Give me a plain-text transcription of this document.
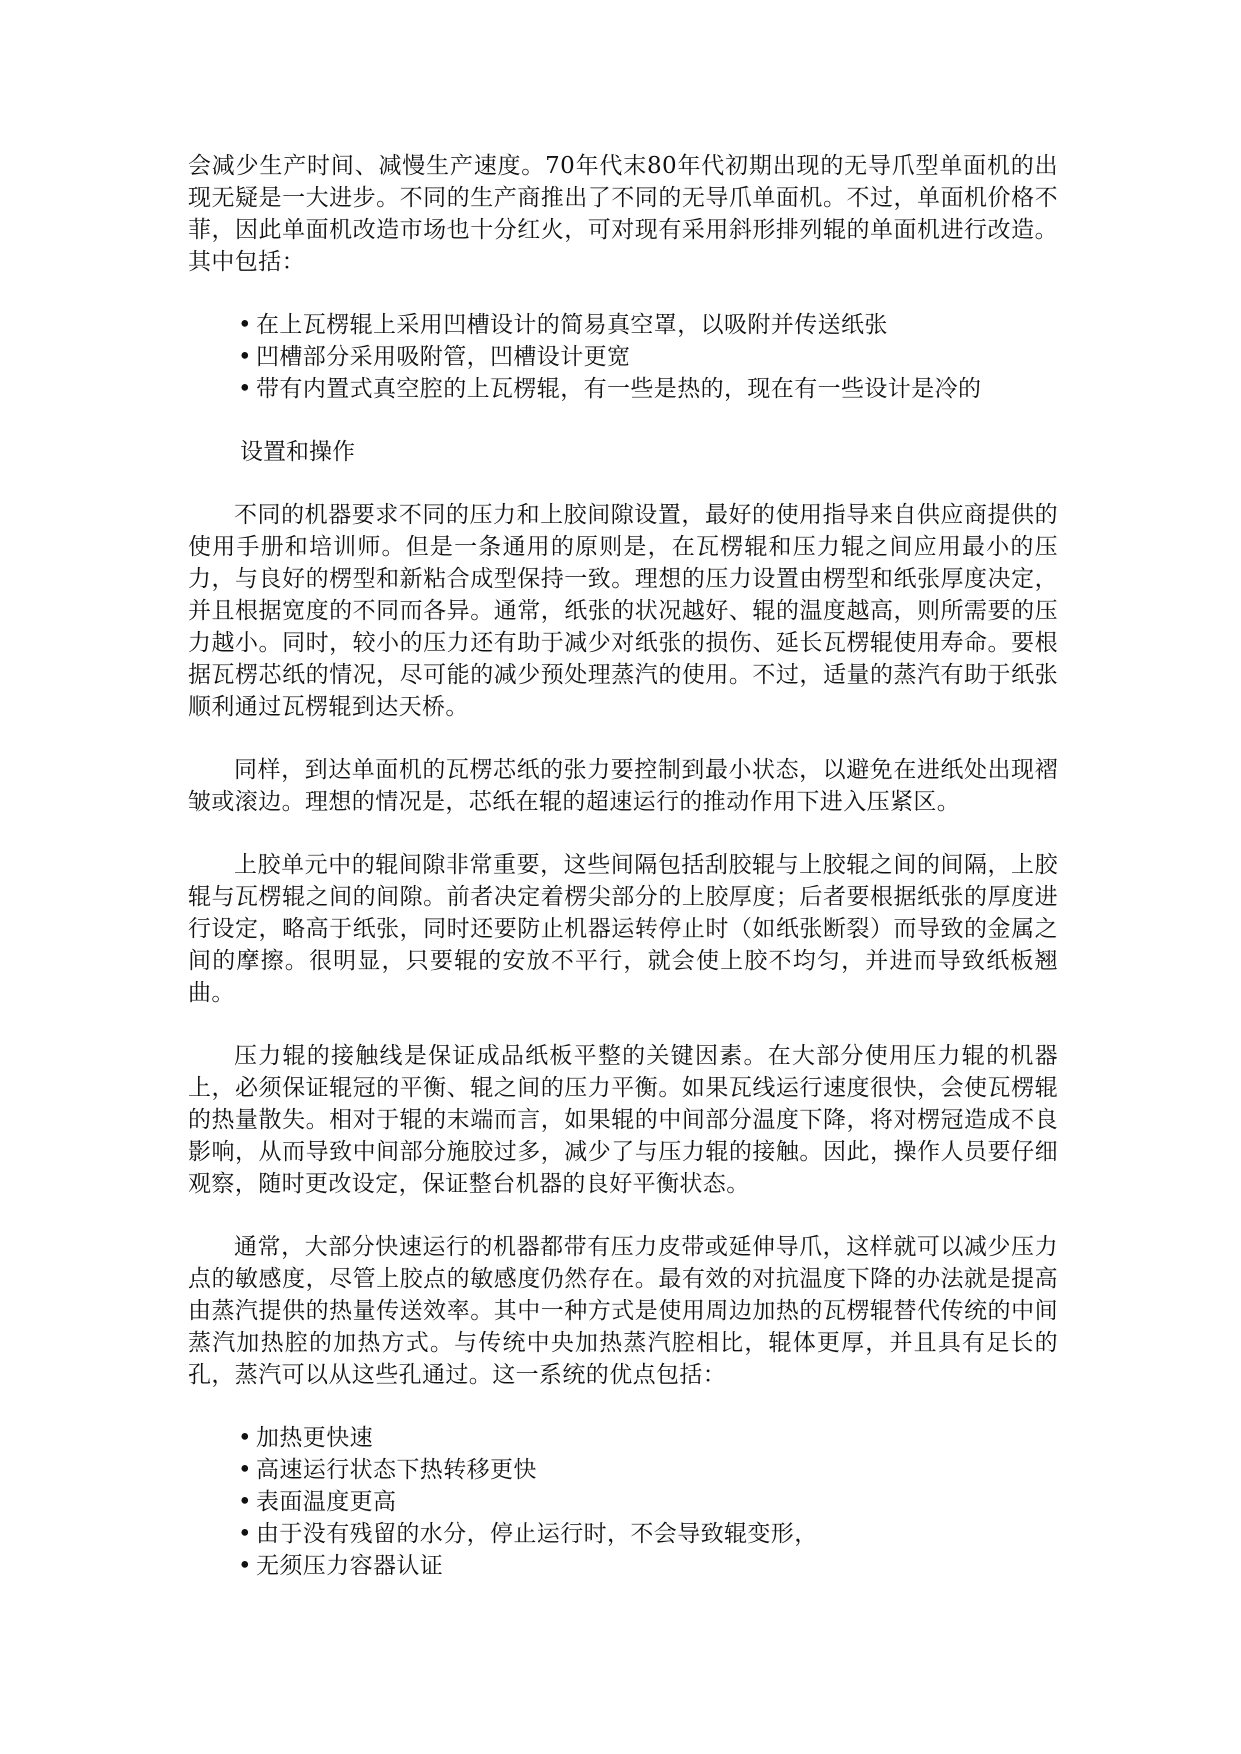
会减少生产时间、减慢生产速度。70年代末80年代初期出现的无导爪型单面机的出现无疑是一大进步。不同的生产商推出了不同的无导爪单面机。不过，单面机价格不菲，因此单面机改造市场也十分红火，可对现有采用斜形排列辊的单面机进行改造。其中包括：

• 在上瓦楞辊上采用凹槽设计的简易真空罩，以吸附并传送纸张
• 凹槽部分采用吸附管，凹槽设计更宽
• 带有内置式真空腔的上瓦楞辊，有一些是热的，现在有一些设计是冷的

设置和操作

不同的机器要求不同的压力和上胶间隙设置，最好的使用指导来自供应商提供的使用手册和培训师。但是一条通用的原则是，在瓦楞辊和压力辊之间应用最小的压力，与良好的楞型和新粘合成型保持一致。理想的压力设置由楞型和纸张厚度决定，并且根据宽度的不同而各异。通常，纸张的状况越好、辊的温度越高，则所需要的压力越小。同时，较小的压力还有助于减少对纸张的损伤、延长瓦楞辊使用寿命。要根据瓦楞芯纸的情况，尽可能的减少预处理蒸汽的使用。不过，适量的蒸汽有助于纸张顺利通过瓦楞辊到达天桥。

同样，到达单面机的瓦楞芯纸的张力要控制到最小状态，以避免在进纸处出现褶皱或滚边。理想的情况是，芯纸在辊的超速运行的推动作用下进入压紧区。

上胶单元中的辊间隙非常重要，这些间隔包括刮胶辊与上胶辊之间的间隔，上胶辊与瓦楞辊之间的间隙。前者决定着楞尖部分的上胶厚度；后者要根据纸张的厚度进行设定，略高于纸张，同时还要防止机器运转停止时（如纸张断裂）而导致的金属之间的摩擦。很明显，只要辊的安放不平行，就会使上胶不均匀，并进而导致纸板翘曲。

压力辊的接触线是保证成品纸板平整的关键因素。在大部分使用压力辊的机器上，必须保证辊冠的平衡、辊之间的压力平衡。如果瓦线运行速度很快，会使瓦楞辊的热量散失。相对于辊的末端而言，如果辊的中间部分温度下降，将对楞冠造成不良影响，从而导致中间部分施胶过多，减少了与压力辊的接触。因此，操作人员要仔细观察，随时更改设定，保证整台机器的良好平衡状态。

通常，大部分快速运行的机器都带有压力皮带或延伸导爪，这样就可以减少压力点的敏感度，尽管上胶点的敏感度仍然存在。最有效的对抗温度下降的办法就是提高由蒸汽提供的热量传送效率。其中一种方式是使用周边加热的瓦楞辊替代传统的中间蒸汽加热腔的加热方式。与传统中央加热蒸汽腔相比，辊体更厚，并且具有足长的孔，蒸汽可以从这些孔通过。这一系统的优点包括：

• 加热更快速
• 高速运行状态下热转移更快
• 表面温度更高
• 由于没有残留的水分，停止运行时，不会导致辊变形，
• 无须压力容器认证
